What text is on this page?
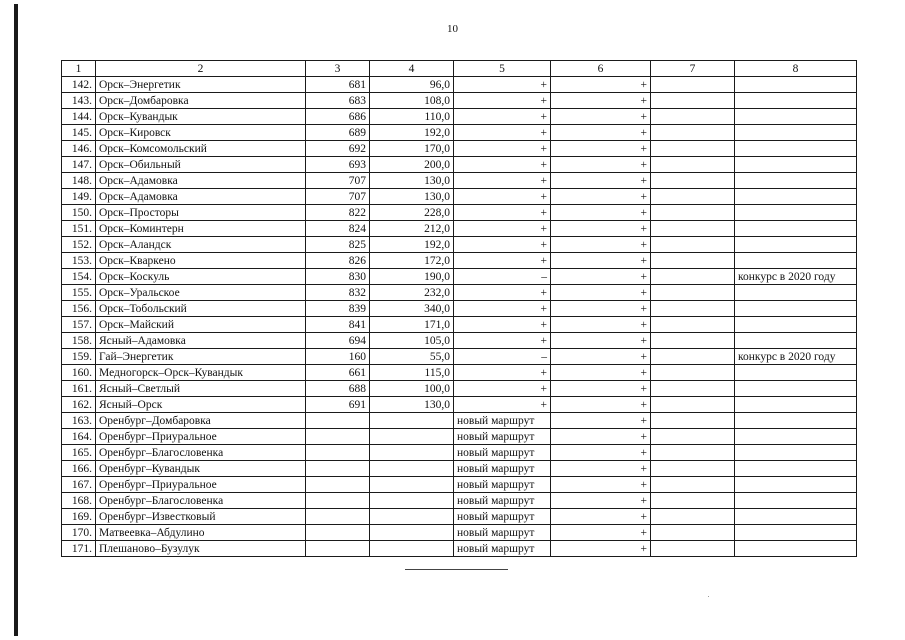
10
1	2	3	4	5	6	7	8
142.	Орск–Энергетик	681	96,0	+	+		
143.	Орск–Домбаровка	683	108,0	+	+		
144.	Орск–Кувандык	686	110,0	+	+		
145.	Орск–Кировск	689	192,0	+	+		
146.	Орск–Комсомольский	692	170,0	+	+		
147.	Орск–Обильный	693	200,0	+	+		
148.	Орск–Адамовка	707	130,0	+	+		
149.	Орск–Адамовка	707	130,0	+	+		
150.	Орск–Просторы	822	228,0	+	+		
151.	Орск–Коминтерн	824	212,0	+	+		
152.	Орск–Аландск	825	192,0	+	+		
153.	Орск–Кваркено	826	172,0	+	+		
154.	Орск–Коскуль	830	190,0	–	+		конкурс в 2020 году
155.	Орск–Уральское	832	232,0	+	+		
156.	Орск–Тобольский	839	340,0	+	+		
157.	Орск–Майский	841	171,0	+	+		
158.	Ясный–Адамовка	694	105,0	+	+		
159.	Гай–Энергетик	160	55,0	–	+		конкурс в 2020 году
160.	Медногорск–Орск–Кувандык	661	115,0	+	+		
161.	Ясный–Светлый	688	100,0	+	+		
162.	Ясный–Орск	691	130,0	+	+		
163.	Оренбург–Домбаровка			новый маршрут	+		
164.	Оренбург–Приуральное			новый маршрут	+		
165.	Оренбург–Благословенка			новый маршрут	+		
166.	Оренбург–Кувандык			новый маршрут	+		
167.	Оренбург–Приуральное			новый маршрут	+		
168.	Оренбург–Благословенка			новый маршрут	+		
169.	Оренбург–Известковый			новый маршрут	+		
170.	Матвеевка–Абдулино			новый маршрут	+		
171.	Плешаново–Бузулук			новый маршрут	+		
